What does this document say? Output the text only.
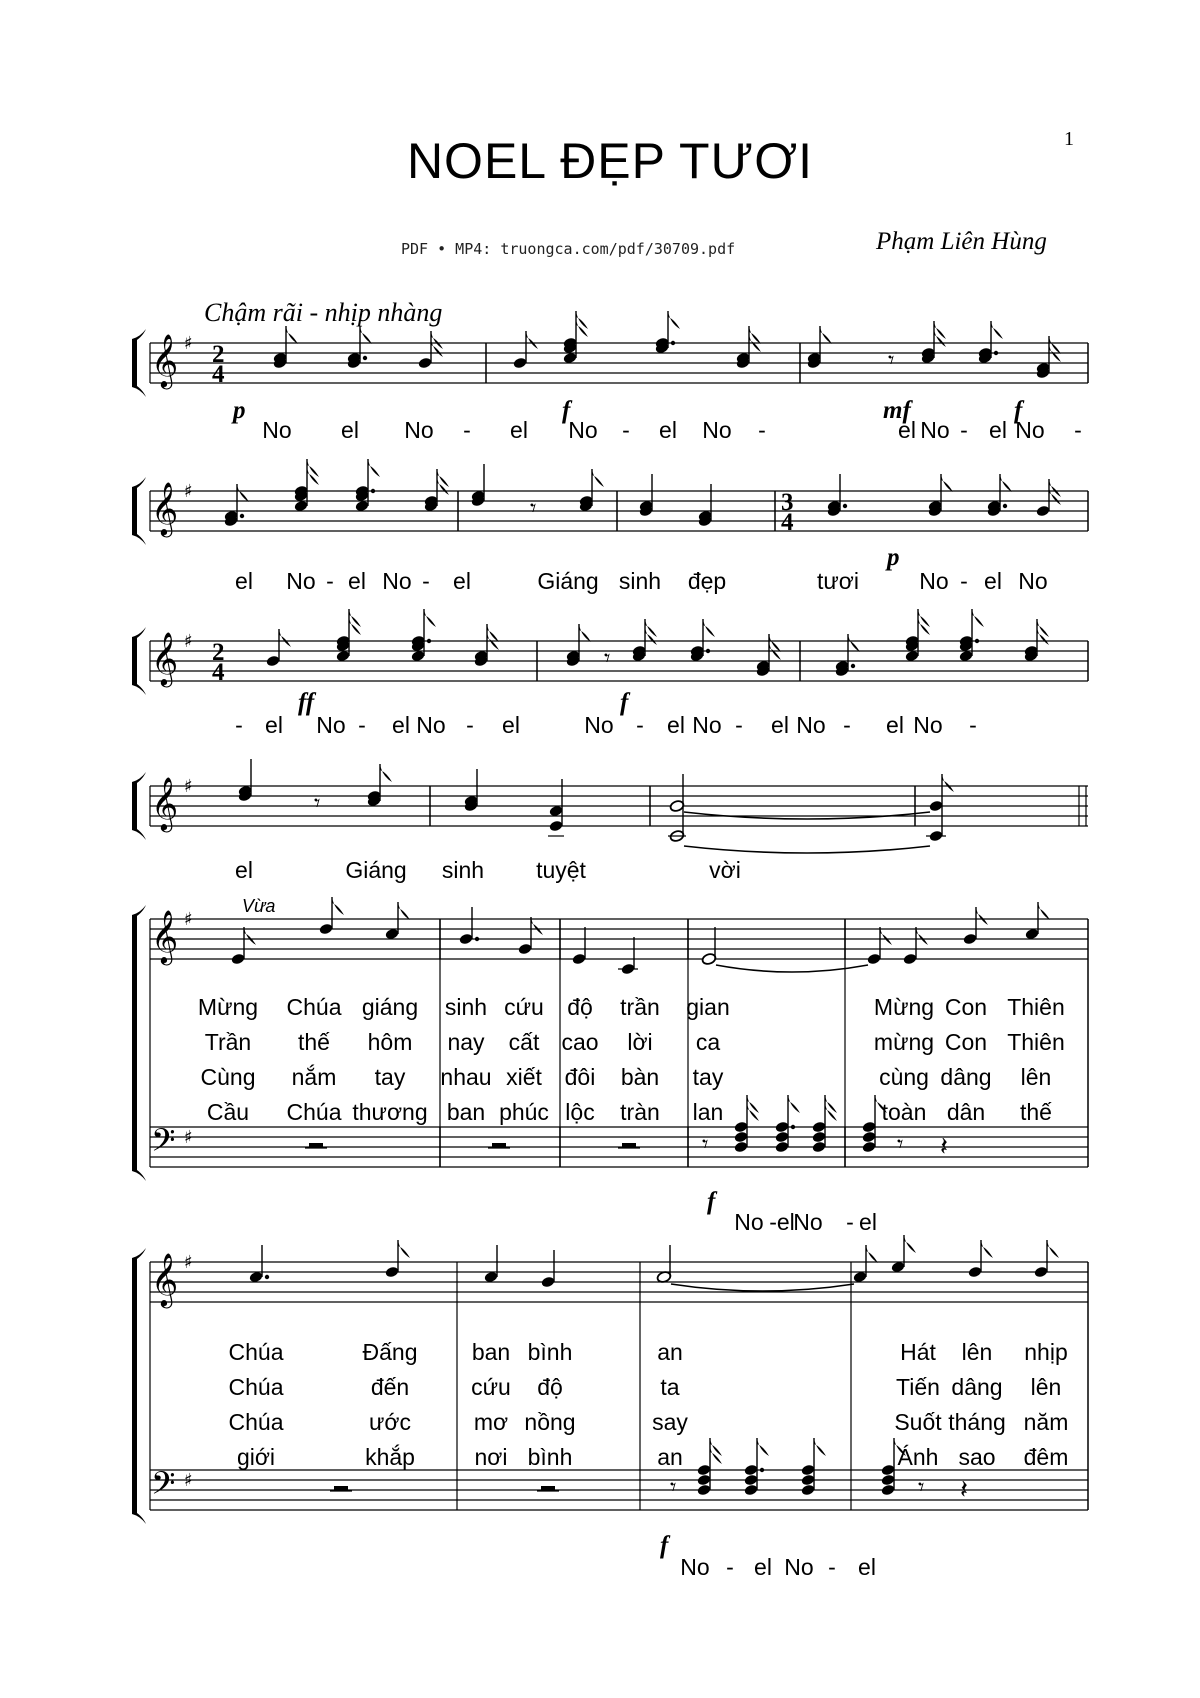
NOEL ĐẸP TƯƠI	1
PDF • MP4: truongca.com/pdf/30709.pdf	Phạm Liên Hùng
Chậm rãi - nhịp nhàng
𝄞 ♯ 2
4
𝄾
p	f	mf	f
𝄞 ♯	3
4
𝄾
p
𝄞 ♯ 2
4
𝄾
ff	f
𝄞 ♯
𝄾
𝄞 ♯
𝄢 ♯
Vừa
𝄾	𝄾 𝄽
f
𝄞 ♯
𝄢 ♯	𝄾	𝄾 𝄽
f
No el No - el No - el No -	el No - el No -
el No - el No - el	Giáng sinh đẹp	tươi	No - el No
- el No - el No - el	No - el No - el No - el No -
el	Giáng sinh tuyệt	vời
Mừng Chúa giáng sinh cứu độ trần gian	Mừng Con Thiên
Trần thế hôm nay cất cao lời ca	mừng Con Thiên
Cùng nắm tay nhau xiết đôi bàn tay	cùng dâng lên
Cầu Chúa thương ban phúc lộc tràn lan	toàn dân thế
No -el
No - el
Chúa	Đấng ban bình	an	Hát lên nhịp
Chúa	đến	cứu độ	ta	Tiến dâng lên
Chúa	ước	mơ nồng	say	Suốt tháng năm
giới	khắp	nơi bình	an	Ánh sao đêm
No - el No - el
